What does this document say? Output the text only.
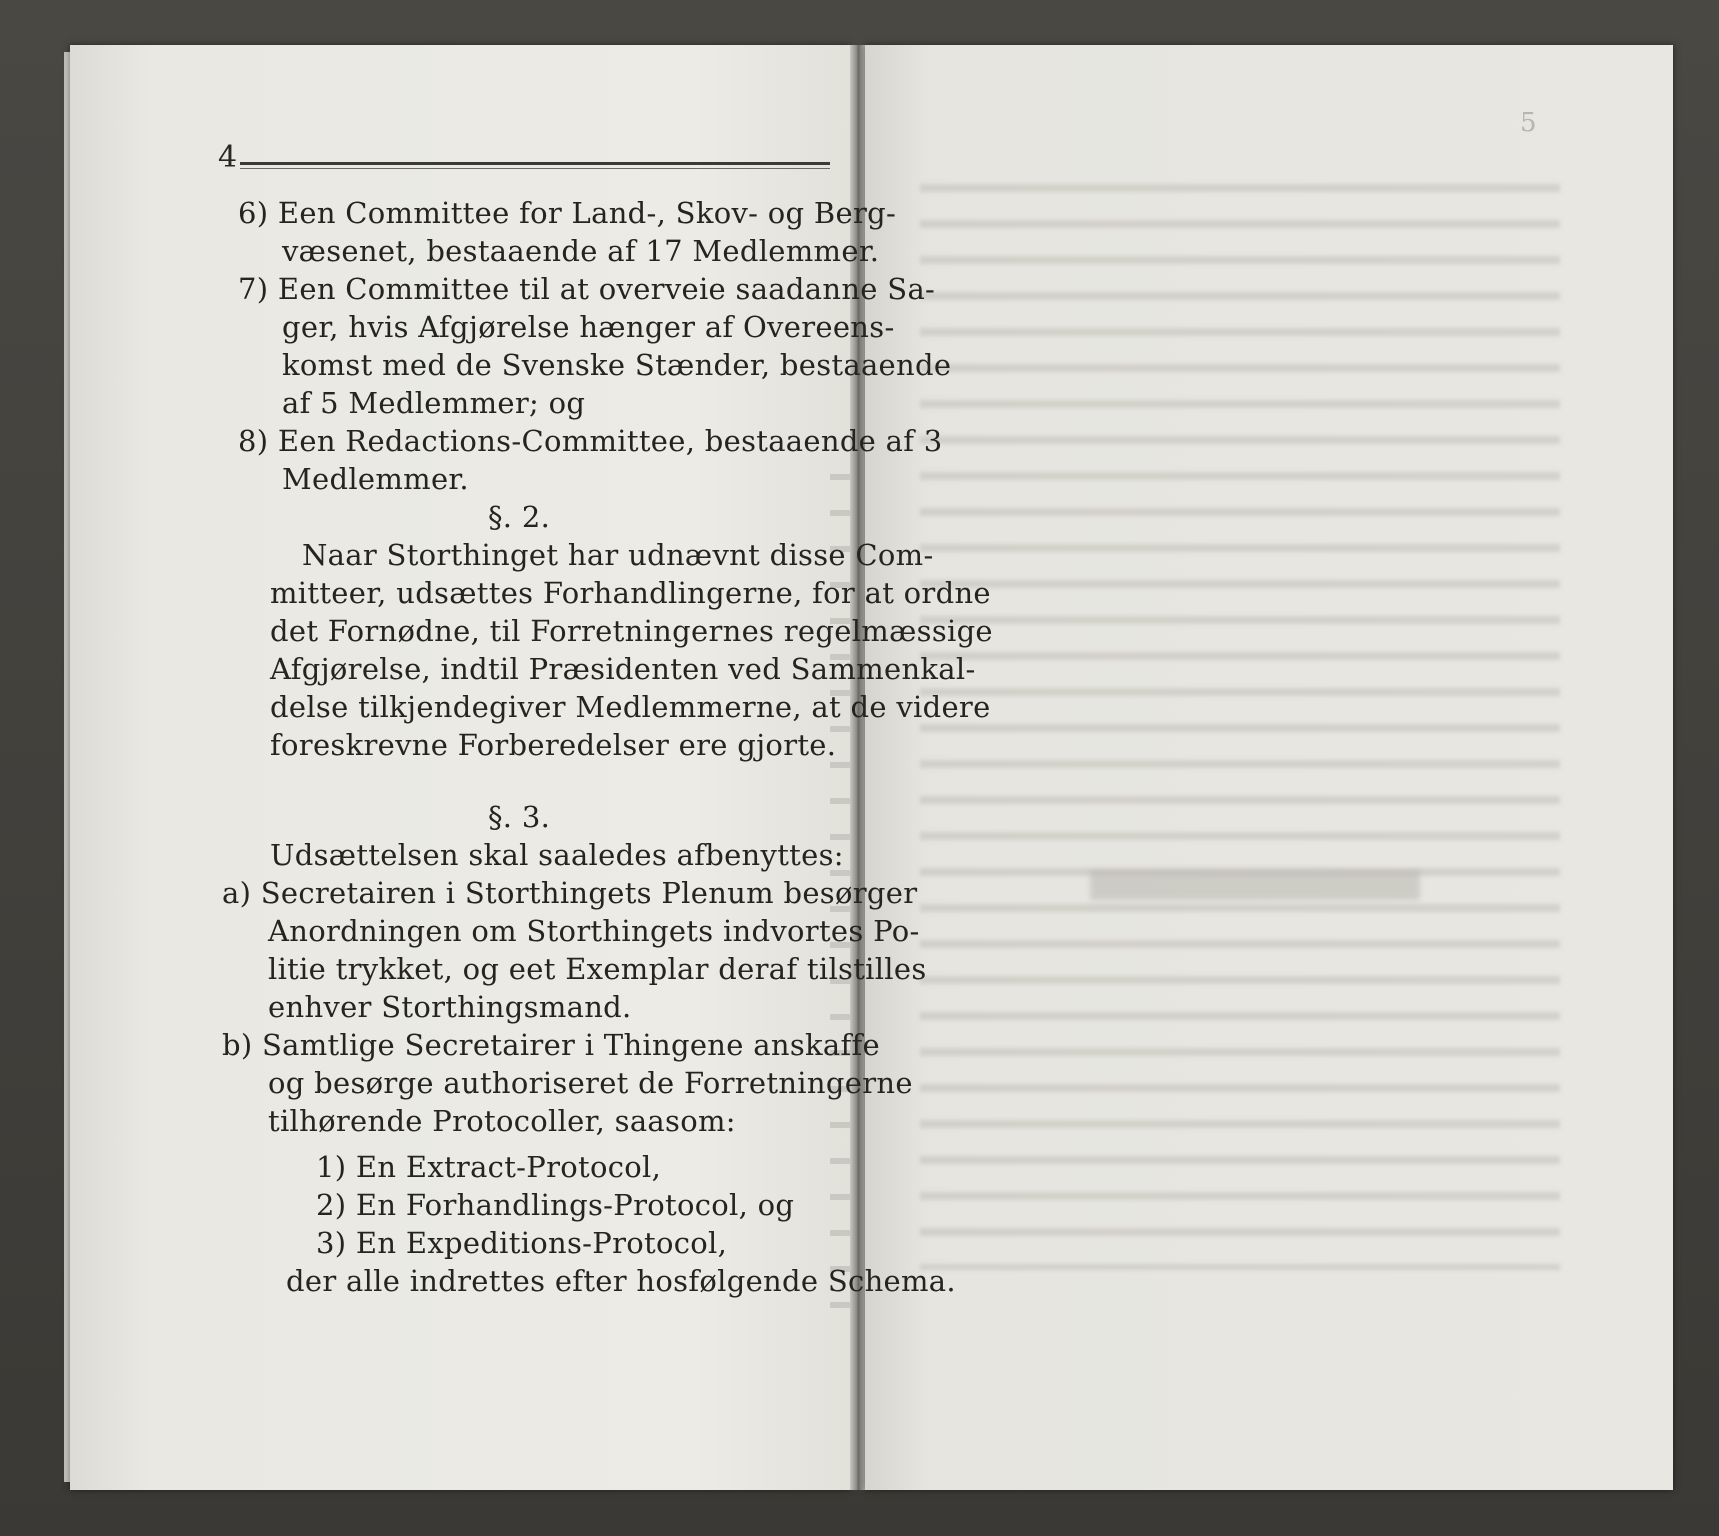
5
4
6) Een Committee for Land-, Skov- og Berg-
væsenet, bestaaende af 17 Medlemmer.
7) Een Committee til at overveie saadanne Sa-
ger, hvis Afgjørelse hænger af Overeens-
komst med de Svenske Stænder, bestaaende
af 5 Medlemmer; og
8) Een Redactions-Committee, bestaaende af 3
Medlemmer.
§. 2.
Naar Storthinget har udnævnt disse Com-
mitteer, udsættes Forhandlingerne, for at ordne
det Fornødne, til Forretningernes regelmæssige
Afgjørelse, indtil Præsidenten ved Sammenkal-
delse tilkjendegiver Medlemmerne, at de videre
foreskrevne Forberedelser ere gjorte.
§. 3.
Udsættelsen skal saaledes afbenyttes:
a) Secretairen i Storthingets Plenum besørger
Anordningen om Storthingets indvortes Po-
litie trykket, og eet Exemplar deraf tilstilles
enhver Storthingsmand.
b) Samtlige Secretairer i Thingene anskaffe
og besørge authoriseret de Forretningerne
tilhørende Protocoller, saasom:
1) En Extract-Protocol,
2) En Forhandlings-Protocol, og
3) En Expeditions-Protocol,
der alle indrettes efter hosfølgende Schema.
